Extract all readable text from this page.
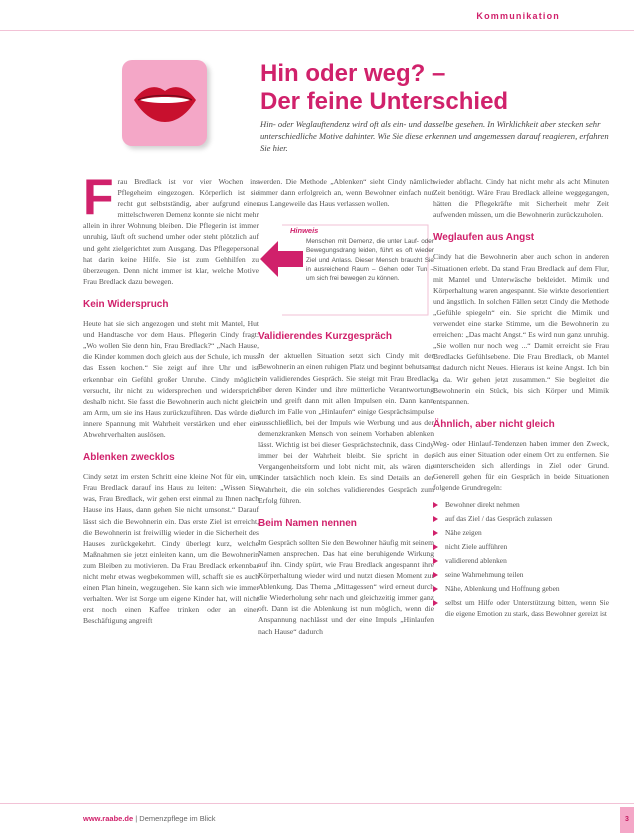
Kommunikation
Hin oder weg? –
Der feine Unterschied
Hin- oder Weglauftendenz wird oft als ein- und dasselbe gesehen. In Wirklichkeit aber stecken sehr unterschiedliche Motive dahinter. Wie Sie diese erkennen und angemessen darauf reagieren, erfahren Sie hier.

Frau Bredlack ist vor vier Wochen ins Pflegeheim eingezogen. Körperlich ist sie recht gut selbstständig, aber aufgrund einer mittelschweren Demenz konnte sie nicht mehr allein in ihrer Wohnung bleiben. Die Pflegerin ist immer unruhig, läuft oft suchend umher oder steht plötzlich auf und geht zielgerichtet zum Ausgang. Das Pflegepersonal hat darin keine Hilfe. Sie ist zum Gehhilfen zu überzeugen. Denn nicht immer ist klar, welche Motive Frau Bredlack dazu bewegen.

Kein Widerspruch

Heute hat sie sich angezogen und steht mit Mantel, Hut und Handtasche vor dem Haus. Pflegerin Cindy fragt: „Wo wollen Sie denn hin, Frau Bredlack?“ „Nach Hause, die Kinder kommen doch gleich aus der Schule, ich muss das Essen kochen.“ Sie zeigt auf ihre Uhr und ist erkennbar ein Gefühl großer Unruhe. Cindy möglich versucht, ihr nicht zu widersprechen und widerspricht deshalb nicht. Sie fasst die Bewohnerin auch nicht gleich am Arm, um sie ins Haus zurückzuführen. Das würde die innere Spannung mit Wahrheit verstärken und eher ein Abwehrverhalten auslösen.

Ablenken zwecklos

Cindy setzt im ersten Schritt eine kleine Not für ein, um Frau Bredlack darauf ins Haus zu leiten: „Wissen Sie was, Frau Bredlack, wir gehen erst einmal zu Ihnen nach Hause ins Haus, dann gehen Sie nicht umsonst.“ Darauf lässt sich die Bewohnerin ein. Das erste Ziel ist erreicht, die Bewohnerin ist freiwillig wieder in die Sicherheit des Hauses zurückgekehrt. Cindy überlegt kurz, welche Maßnahmen sie jetzt einleiten kann, um die Bewohnerin zum Bleiben zu motivieren. Da Frau Bredlack erkennbar nicht mehr etwas wegbekommen will, schafft sie es auch einen Plan hinein, wegzugehen. Sie kann sich wie immer verhalten. Wer ist Sorge um eigene Kinder hat, will nicht erst noch einen Kaffee trinken oder an einer Beschäftigung angreift

werden. Die Methode „Ablenken“ sieht Cindy nämlich immer dann erfolgreich an, wenn Bewohner einfach nur aus Langeweile das Haus verlassen wollen.

Hinweis
Menschen mit Demenz, die unter Lauf- oder Bewegungsdrang leiden, führt es oft wieder Ziel und Anlass. Dieser Mensch braucht Sie in ausreichend Raum – Gehen oder Tun – um sich frei bewegen zu können.
Validierendes Kurzgespräch

In der aktuellen Situation setzt sich Cindy mit der Bewohnerin an einen ruhigen Platz und beginnt behutsam ein validierendes Gespräch. Sie steigt mit Frau Bredlack über deren Kinder und ihre mütterliche Verantwortung ein und greift dann mit allen Impulsen ein. Dann kann durch im Falle von „Hinlaufen“ einige Gesprächsimpulse ausschließlich, bei der Impuls wie Werbung und aus der demenzkranken Mensch von seinem Vorhaben ablenken lässt. Wichtig ist bei dieser Gesprächstechnik, dass Cindy immer bei der Wahrheit bleibt. Sie spricht in der Vergangenheitsform und lobt nicht mit, als wären die Kinder tatsächlich noch klein. Es sind Details an der Wahrheit, die ein solches validierendes Gespräch zum Erfolg führen.

Beim Namen nennen

Im Gespräch sollten Sie den Bewohner häufig mit seinem Namen ansprechen. Das hat eine beruhigende Wirkung auf ihn. Cindy spürt, wie Frau Bredlack angespannt ihre Körperhaltung wieder wird und nutzt diesen Moment zur Ablenkung. Das Thema „Mittagessen“ wird erneut durch die Wiederholung sehr nach und gleichzeitig immer ganz oft. Dann ist die Ablenkung ist nun möglich, wenn die Anspannung nachlässt und der eine Impuls „Hinlaufen nach Hause“ dadurch

wieder abflacht. Cindy hat nicht mehr als acht Minuten Zeit benötigt. Wäre Frau Bredlack alleine weggegangen, hätten die Pflegekräfte mit Sicherheit mehr Zeit aufwenden müssen, um die Bewohnerin zurückzuholen.

Weglaufen aus Angst

Cindy hat die Bewohnerin aber auch schon in anderen Situationen erlebt. Da stand Frau Bredlack auf dem Flur, mit Mantel und Unterwäsche bekleidet. Mimik und Körperhaltung waren angespannt. Sie wirkte desorientiert und ängstlich. In solchen Fällen setzt Cindy die Methode „Gefühle spiegeln“ ein. Sie spricht die Mimik und verwendet eine starke Stimme, um die Bewohnerin zu erreichen: „Das macht Angst.“ Es wird nun ganz unruhig. „Sie wollen nur noch weg ...“ Damit erreicht sie Frau Bredlacks Gefühlsebene. Die Frau Bredlack, ob Mantel ist dadurch nicht Neues. Hieraus ist keine Angst. Ich bin ja da. Wir gehen jetzt zusammen.“ Sie begleitet die Bewohnerin ein Stück, bis sich Körper und Mimik entspannen.

Ähnlich, aber nicht gleich

Weg- oder Hinlauf-Tendenzen haben immer den Zweck, sich aus einer Situation oder einem Ort zu entfernen. Sie unterscheiden sich allerdings in Ziel oder Grund. Generell gehen für ein Gespräch in beide Situationen folgende Grundregeln:

Bewohner direkt nehmen
auf das Ziel / das Gespräch zulassen
Nähe zeigen
nicht Ziele aufführen
validierend ablenken
seine Wahrnehmung teilen
Nähe, Ablenkung und Hoffnung geben
selbst um Hilfe oder Unterstützung bitten, wenn Sie die eigene Emotion zu stark, dass Bewohner gereizt ist
www.raabe.de | Demenzpflege im Blick	3
